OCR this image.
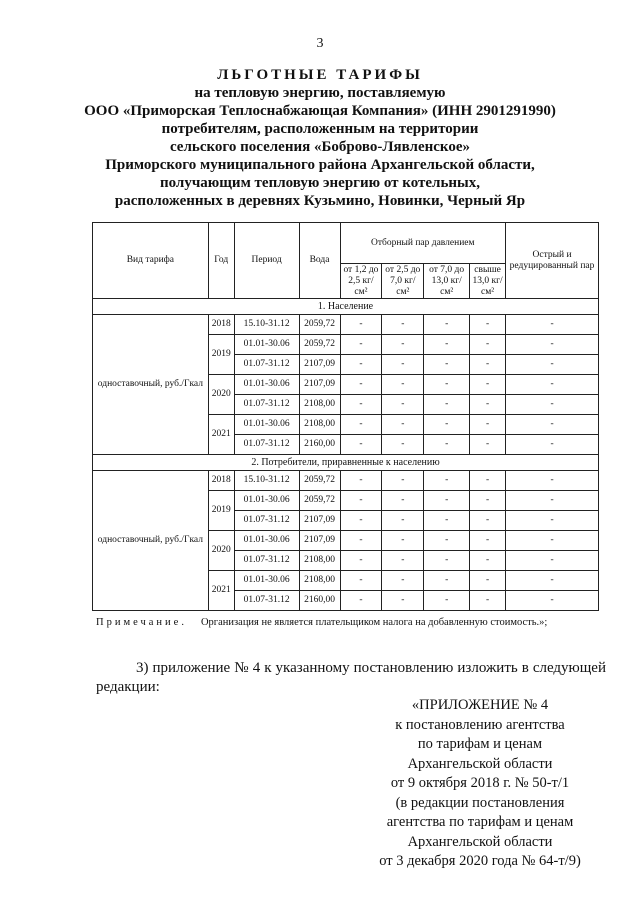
3
ЛЬГОТНЫЕ ТАРИФЫ
на тепловую энергию, поставляемую
ООО «Приморская Теплоснабжающая Компания» (ИНН 2901291990)
потребителям, расположенным на территории
сельского поселения «Боброво-Лявленское»
Приморского муниципального района Архангельской области,
получающим тепловую энергию от котельных,
расположенных в деревнях Кузьмино, Новинки, Черный Яр
Вид тарифа	Год	Период	Вода	Отборный пар давлением				Острый и редуцированный пар
				от 1,2 до 2,5 кг/см²	от 2,5 до 7,0 кг/см²	от 7,0 до 13,0 кг/см²	свыше 13,0 кг/см²	
1. Население								
одноставочный, руб./Гкал	2018	15.10-31.12	2059,72	-	-	-	-	-
	2019	01.01-30.06	2059,72	-	-	-	-	-
		01.07-31.12	2107,09	-	-	-	-	-
	2020	01.01-30.06	2107,09	-	-	-	-	-
		01.07-31.12	2108,00	-	-	-	-	-
	2021	01.01-30.06	2108,00	-	-	-	-	-
		01.07-31.12	2160,00	-	-	-	-	-
2. Потребители, приравненные к населению								
одноставочный, руб./Гкал	2018	15.10-31.12	2059,72	-	-	-	-	-
	2019	01.01-30.06	2059,72	-	-	-	-	-
		01.07-31.12	2107,09	-	-	-	-	-
	2020	01.01-30.06	2107,09	-	-	-	-	-
		01.07-31.12	2108,00	-	-	-	-	-
	2021	01.01-30.06	2108,00	-	-	-	-	-
		01.07-31.12	2160,00	-	-	-	-	-
Примечание. Организация не является плательщиком налога на добавленную стоимость.»;
3) приложение № 4 к указанному постановлению изложить в следующей редакции:
«ПРИЛОЖЕНИЕ № 4
к постановлению агентства
по тарифам и ценам
Архангельской области
от 9 октября 2018 г. № 50-т/1
(в редакции постановления
агентства по тарифам и ценам
Архангельской области
от 3 декабря 2020 года № 64-т/9)
